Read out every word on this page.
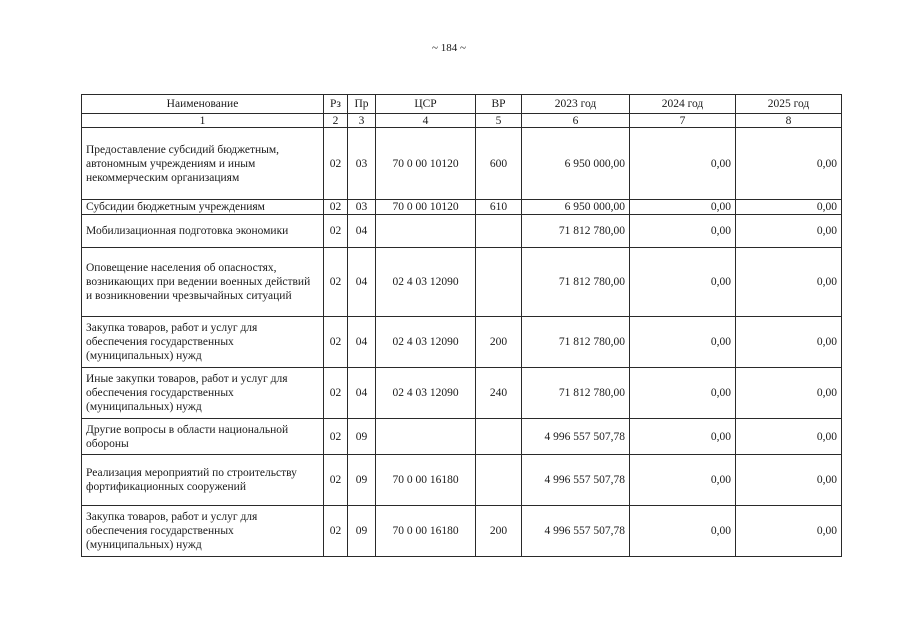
~ 184 ~
Наименование	Рз	Пр	ЦСР	ВР	2023 год	2024 год	2025 год
1	2	3	4	5	6	7	8
Предоставление субсидий бюджетным, автономным учреждениям и иным некоммерческим организациям	02	03	70 0 00 10120	600	6 950 000,00	0,00	0,00
Субсидии бюджетным учреждениям	02	03	70 0 00 10120	610	6 950 000,00	0,00	0,00
Мобилизационная подготовка экономики	02	04			71 812 780,00	0,00	0,00
Оповещение населения об опасностях, возникающих при ведении военных действий и возникновении чрезвычайных ситуаций	02	04	02 4 03 12090		71 812 780,00	0,00	0,00
Закупка товаров, работ и услуг для обеспечения государственных (муниципальных) нужд	02	04	02 4 03 12090	200	71 812 780,00	0,00	0,00
Иные закупки товаров, работ и услуг для обеспечения государственных (муниципальных) нужд	02	04	02 4 03 12090	240	71 812 780,00	0,00	0,00
Другие вопросы в области национальной обороны	02	09			4 996 557 507,78	0,00	0,00
Реализация мероприятий по строительству фортификационных сооружений	02	09	70 0 00 16180		4 996 557 507,78	0,00	0,00
Закупка товаров, работ и услуг для обеспечения государственных (муниципальных) нужд	02	09	70 0 00 16180	200	4 996 557 507,78	0,00	0,00
